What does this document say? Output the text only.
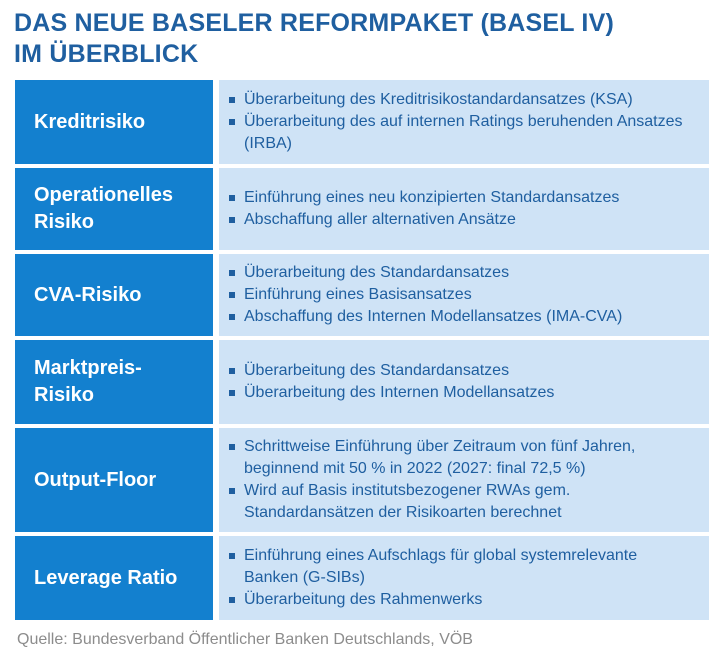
DAS NEUE BASELER REFORMPAKET (BASEL IV)
IM ÜBERBLICK
Kreditrisiko
Überarbeitung des Kreditrisikostandardansatzes (KSA)
Überarbeitung des auf internen Ratings beruhenden Ansatzes (IRBA)
Operationelles
Risiko
Einführung eines neu konzipierten Standardansatzes
Abschaffung aller alternativen Ansätze
CVA-Risiko
Überarbeitung des Standardansatzes
Einführung eines Basisansatzes
Abschaffung des Internen Modellansatzes (IMA-CVA)
Marktpreis-
Risiko
Überarbeitung des Standardansatzes
Überarbeitung des Internen Modellansatzes
Output-Floor
Schrittweise Einführung über Zeitraum von fünf Jahren, beginnend mit 50 % in 2022 (2027: final 72,5 %)
Wird auf Basis institutsbezogener RWAs gem. Standardansätzen der Risikoarten berechnet
Leverage Ratio
Einführung eines Aufschlags für global systemrelevante Banken (G-SIBs)
Überarbeitung des Rahmenwerks
Quelle: Bundesverband Öffentlicher Banken Deutschlands, VÖB
